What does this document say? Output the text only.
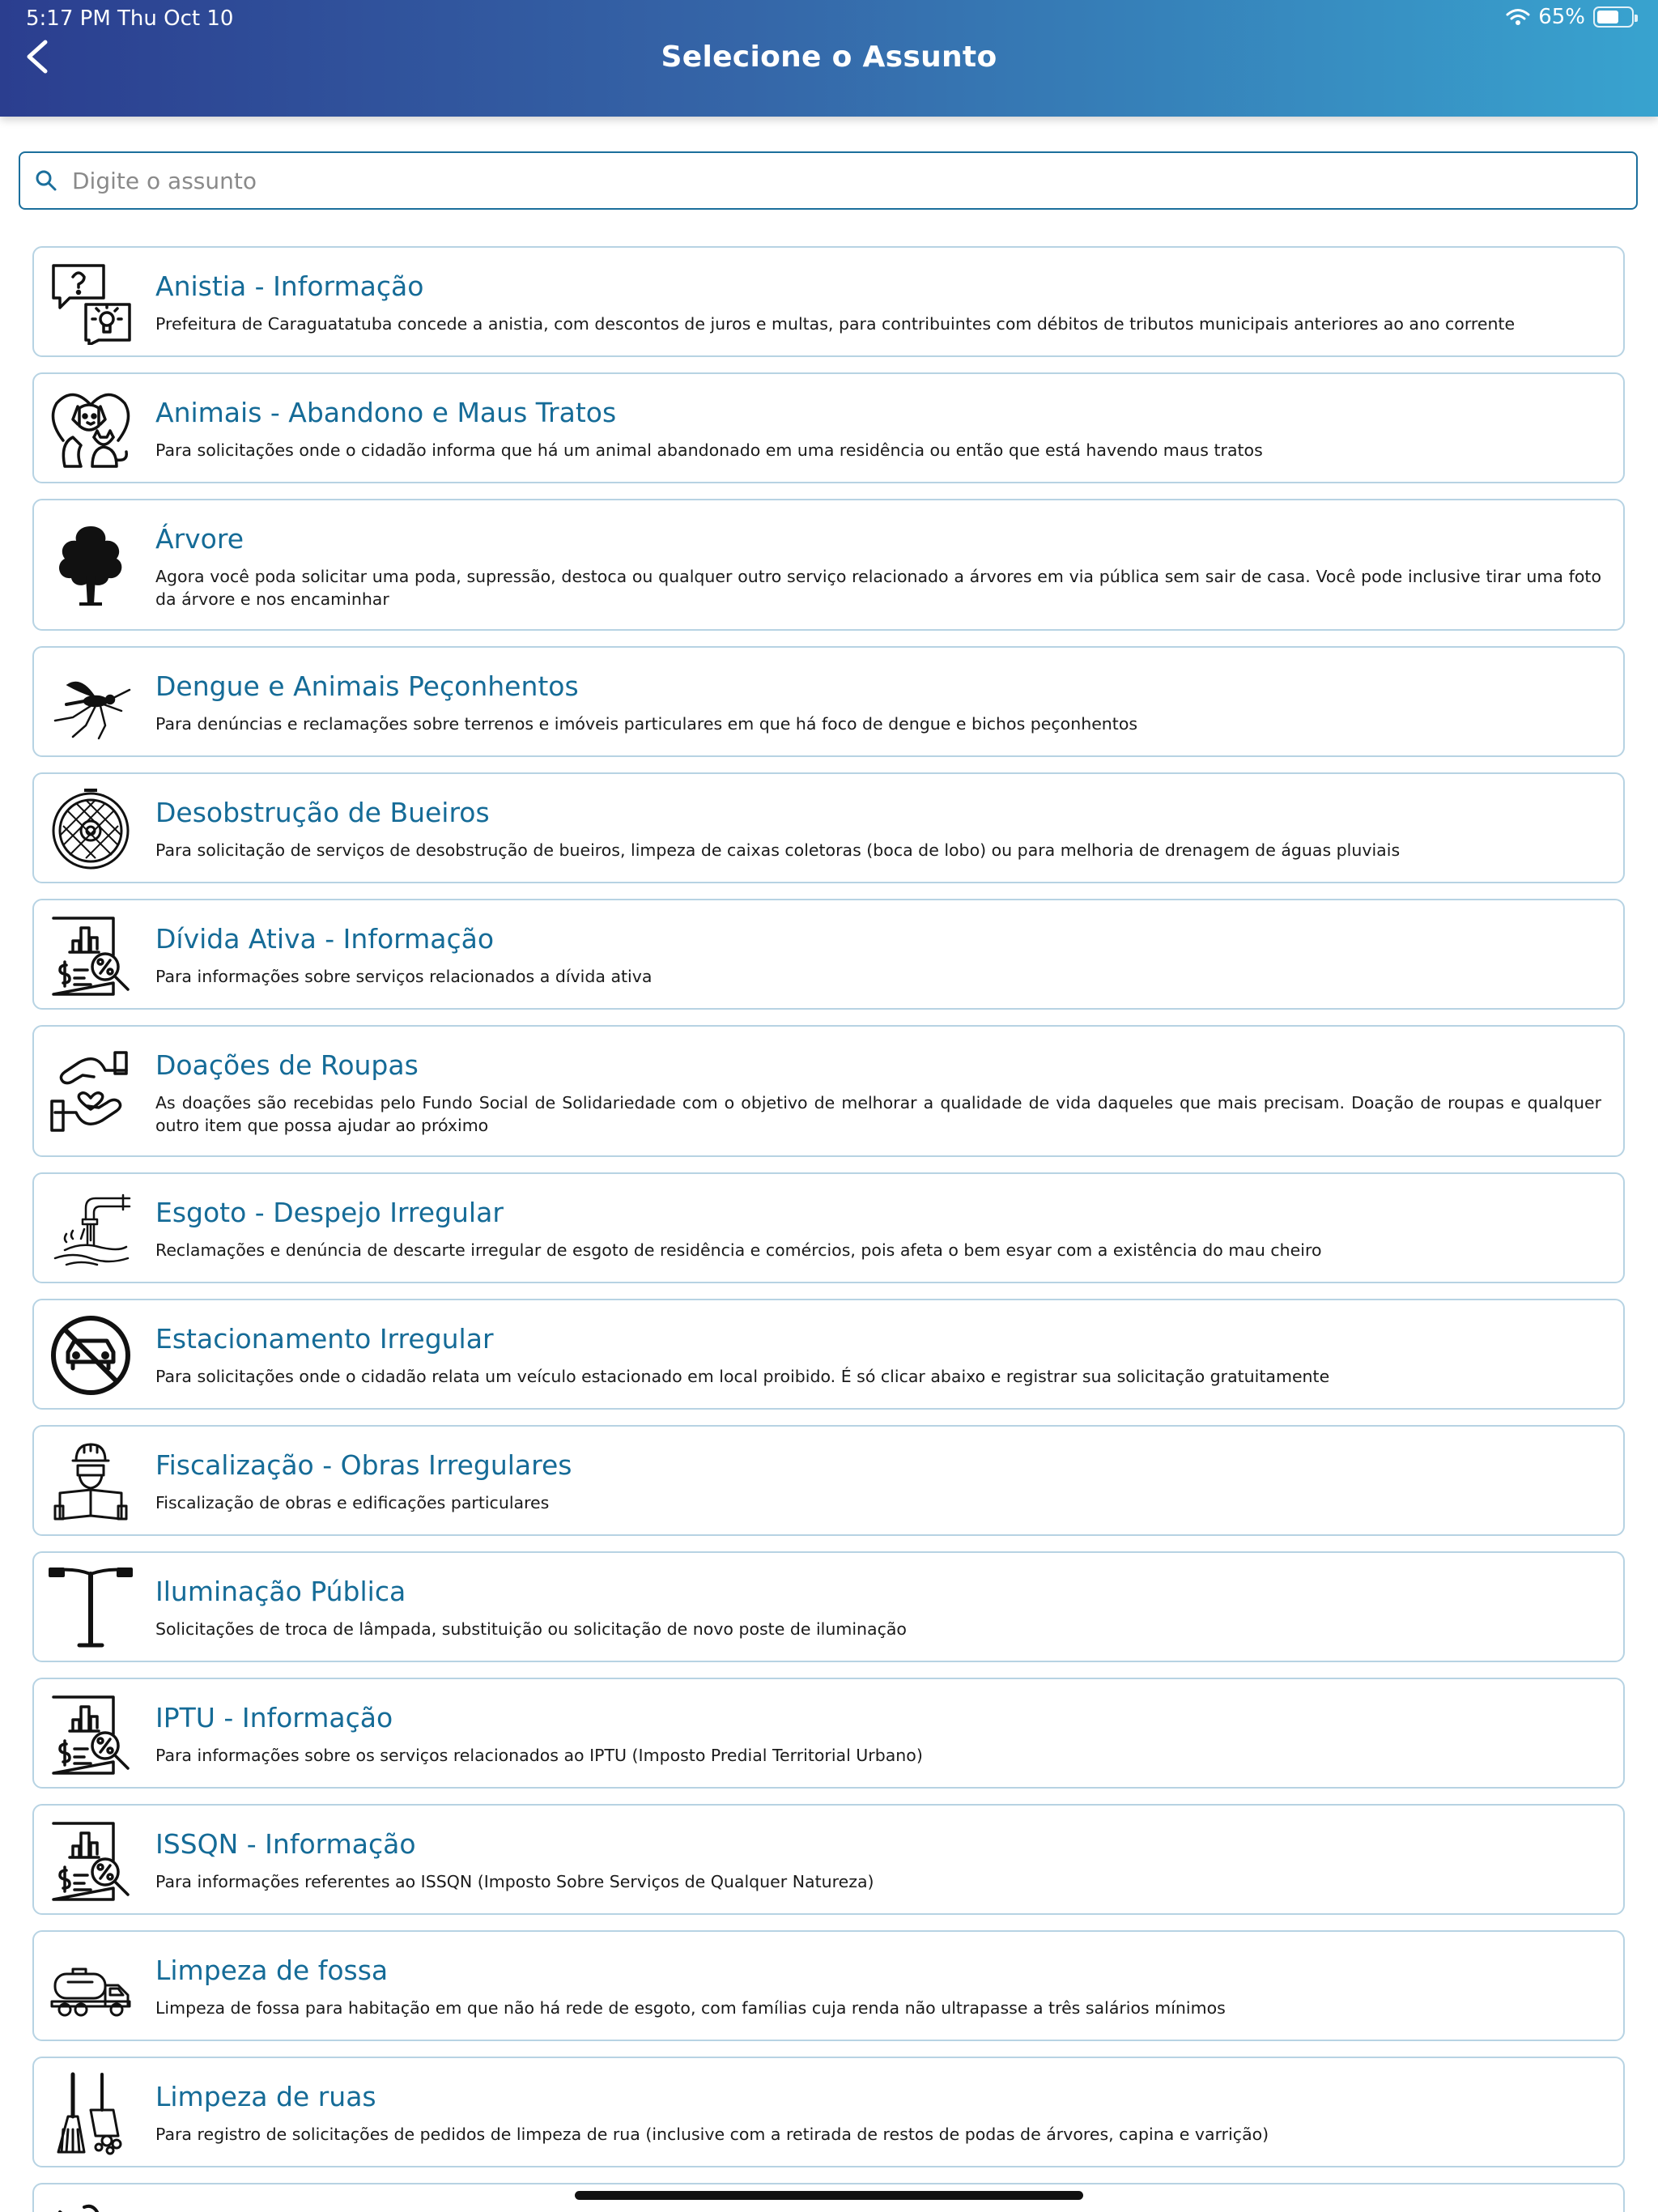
5:17 PM Thu Oct 10	65%
Selecione o Assunto
Digite o assunto
Anistia - Informação

Prefeitura de Caraguatatuba concede a anistia, com descontos de juros e multas, para contribuintes com débitos de tributos municipais anteriores ao ano corrente

Animais - Abandono e Maus Tratos

Para solicitações onde o cidadão informa que há um animal abandonado em uma residência ou então que está havendo maus tratos

Árvore

Agora você poda solicitar uma poda, supressão, destoca ou qualquer outro serviço relacionado a árvores em via pública sem sair de casa. Você pode inclusive tirar uma foto da árvore e nos encaminhar

Dengue e Animais Peçonhentos

Para denúncias e reclamações sobre terrenos e imóveis particulares em que há foco de dengue e bichos peçonhentos

Desobstrução de Bueiros

Para solicitação de serviços de desobstrução de bueiros, limpeza de caixas coletoras (boca de lobo) ou para melhoria de drenagem de águas pluviais

Dívida Ativa - Informação

Para informações sobre serviços relacionados a dívida ativa

Doações de Roupas

As doações são recebidas pelo Fundo Social de Solidariedade com o objetivo de melhorar a qualidade de vida daqueles que mais precisam. Doação de roupas e qualquer outro item que possa ajudar ao próximo

Esgoto - Despejo Irregular

Reclamações e denúncia de descarte irregular de esgoto de residência e comércios, pois afeta o bem esyar com a existência do mau cheiro

Estacionamento Irregular

Para solicitações onde o cidadão relata um veículo estacionado em local proibido. É só clicar abaixo e registrar sua solicitação gratuitamente

Fiscalização - Obras Irregulares

Fiscalização de obras e edificações particulares

Iluminação Pública

Solicitações de troca de lâmpada, substituição ou solicitação de novo poste de iluminação

IPTU - Informação

Para informações sobre os serviços relacionados ao IPTU (Imposto Predial Territorial Urbano)

ISSQN - Informação

Para informações referentes ao ISSQN (Imposto Sobre Serviços de Qualquer Natureza)

Limpeza de fossa

Limpeza de fossa para habitação em que não há rede de esgoto, com famílias cuja renda não ultrapasse a três salários mínimos

Limpeza de ruas

Para registro de solicitações de pedidos de limpeza de rua (inclusive com a retirada de restos de podas de árvores, capina e varrição)
